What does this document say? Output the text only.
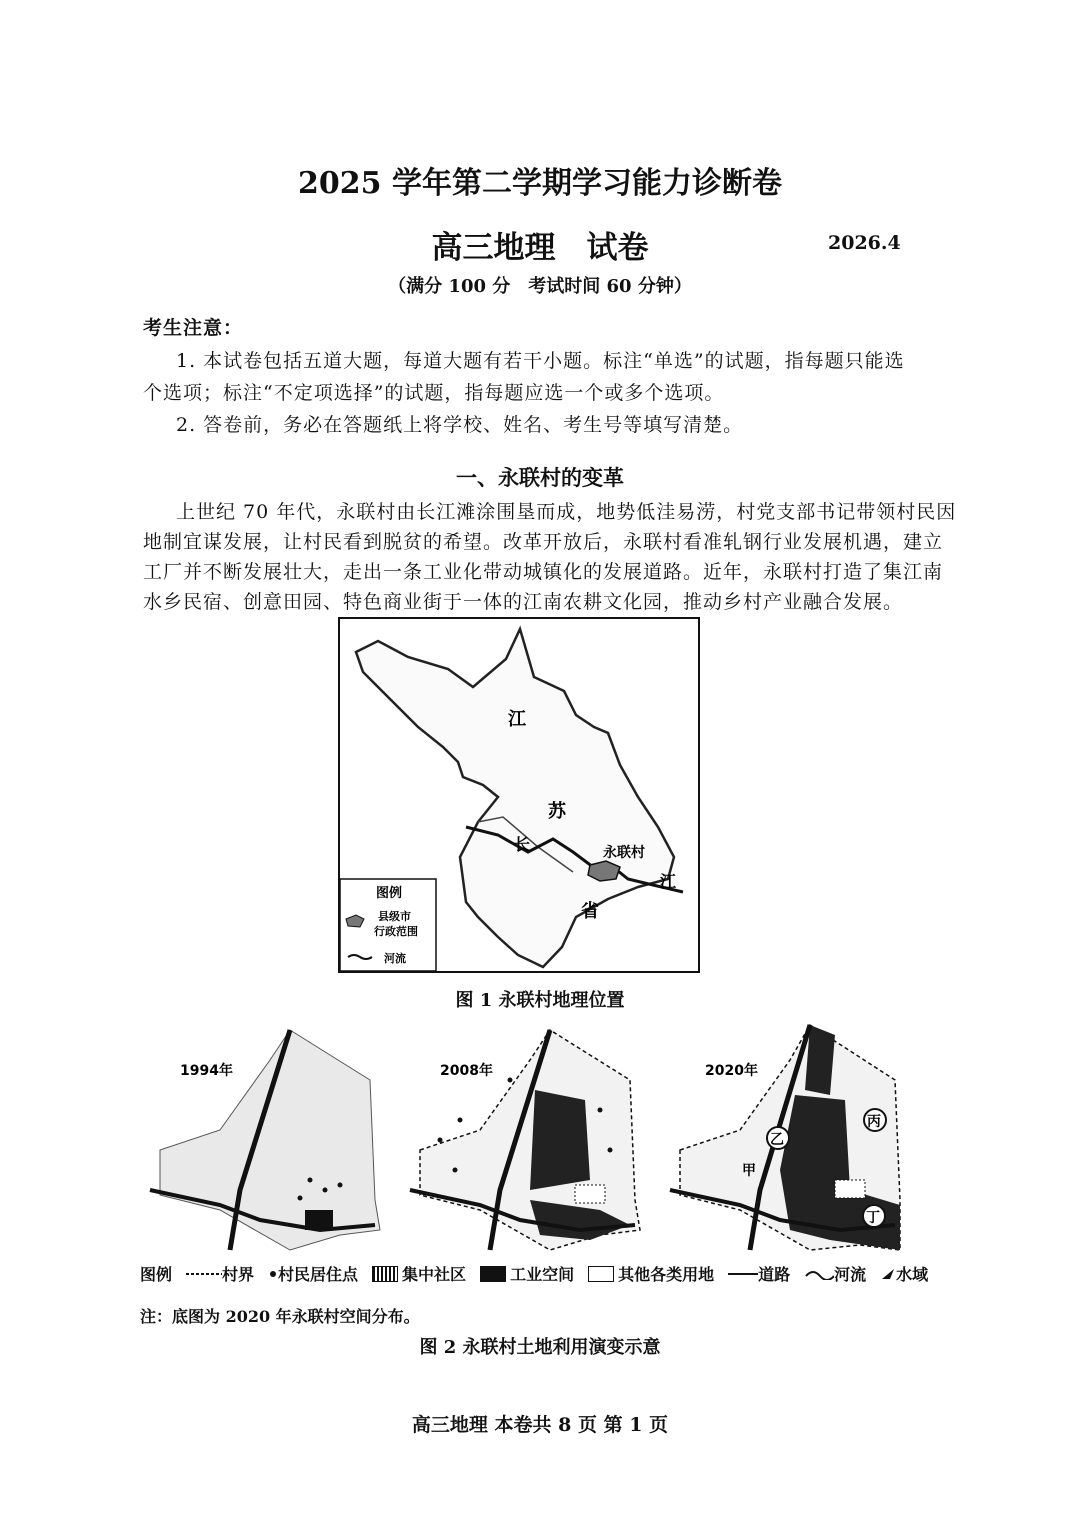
2025 学年第二学期学习能力诊断卷
高三地理　试卷	2026.4
（满分 100 分　考试时间 60 分钟）
考生注意：
1. 本试卷包括五道大题，每道大题有若干小题。标注“单选”的试题，指每题只能选
个选项；标注“不定项选择”的试题，指每题应选一个或多个选项。
2. 答卷前，务必在答题纸上将学校、姓名、考生号等填写清楚。
一、永联村的变革
上世纪 70 年代，永联村由长江滩涂围垦而成，地势低洼易涝，村党支部书记带领村民因
地制宜谋发展，让村民看到脱贫的希望。改革开放后，永联村看准轧钢行业发展机遇，建立
工厂并不断发展壮大，走出一条工业化带动城镇化的发展道路。近年，永联村打造了集江南
水乡民宿、创意田园、特色商业街于一体的江南农耕文化园，推动乡村产业融合发展。
江
苏
长
省
江
永联村
图例
县级市
行政范围
河流
图 1 永联村地理位置
1994年	2008年
乙
丙
甲
丁
2020年
图例	村界 村民居住点	集中社区	工业空间	其他各类用地	道路	河流 水域
注：底图为 2020 年永联村空间分布。
图 2 永联村土地利用演变示意
高三地理 本卷共 8 页 第 1 页
